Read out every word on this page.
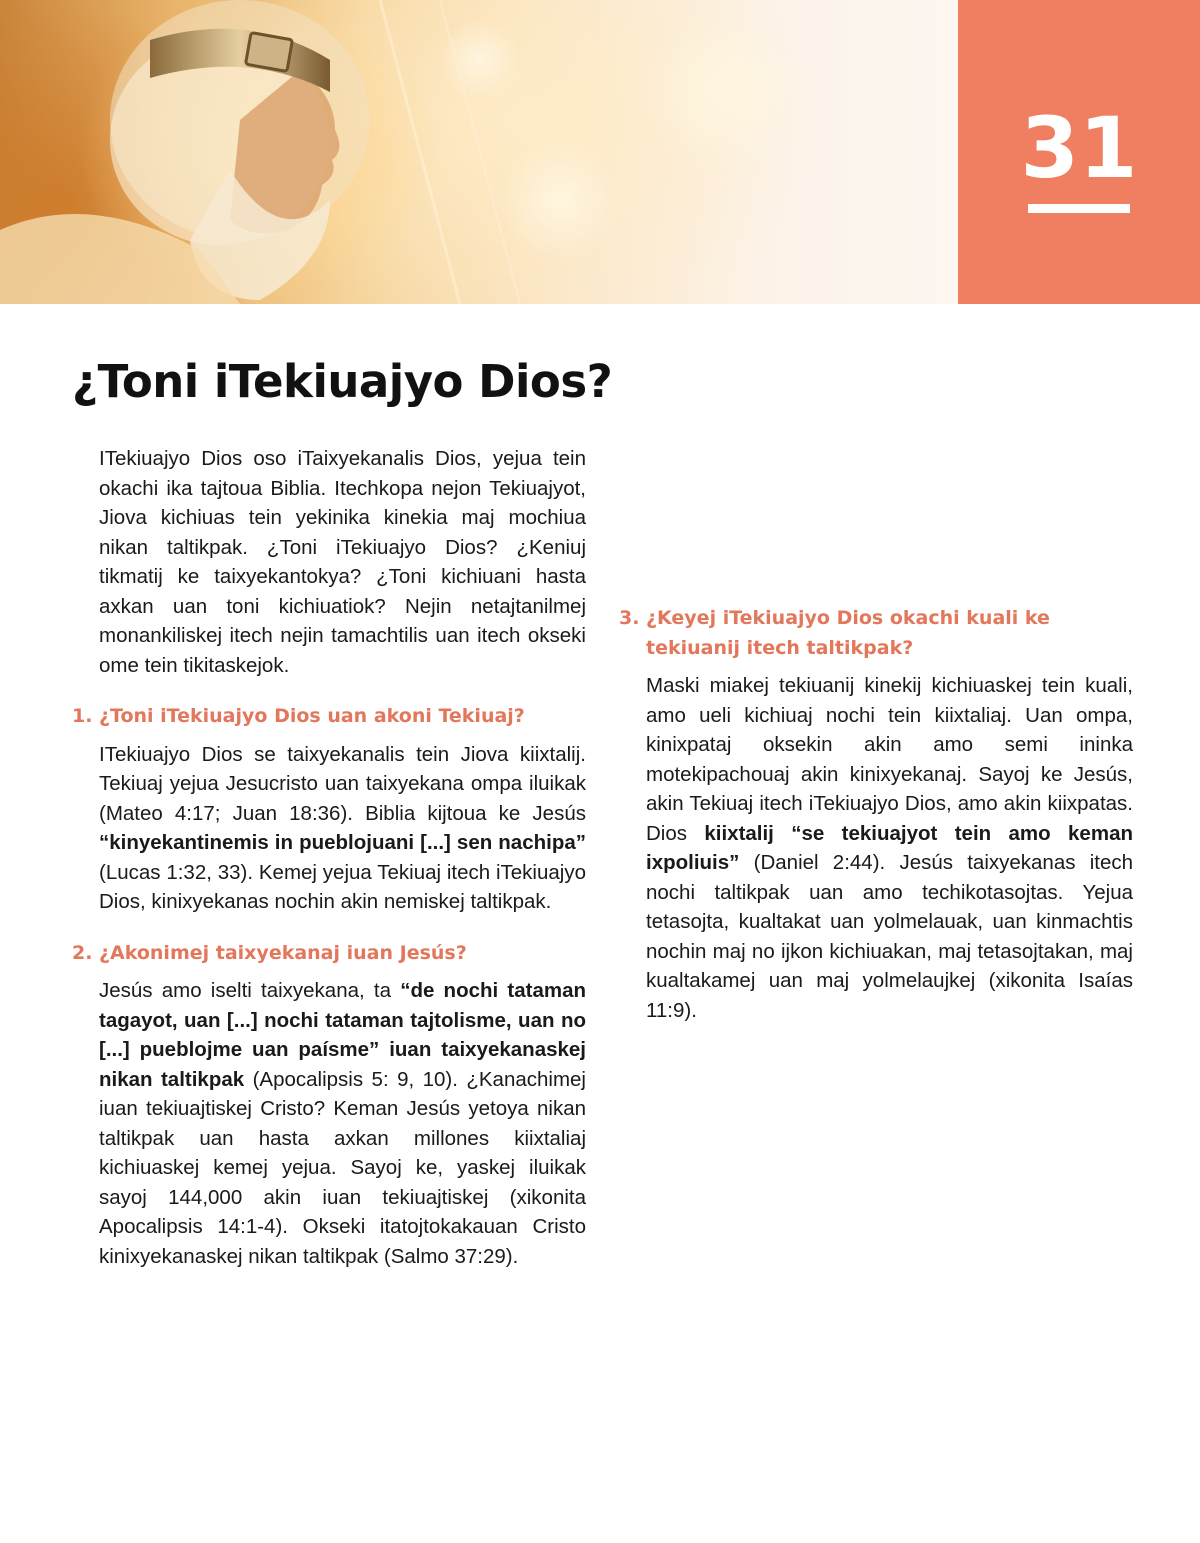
31
¿Toni iTekiuajyo Dios?

ITekiuajyo Dios oso iTaixyekanalis Dios, yejua tein okachi ika tajtoua Biblia. Itechkopa nejon Tekiuajyot, Jiova kichiuas tein yekinika kinekia maj mochiua nikan taltikpak. ¿Toni iTekiuajyo Dios? ¿Keniuj tikmatij ke taixyekantokya? ¿Toni kichiuani hasta axkan uan toni kichiuatiok? Nejin netajtanilmej monankiliskej itech nejin tamachtilis uan itech okseki ome tein tikitaskejok.

1. ¿Toni iTekiuajyo Dios uan akoni Tekiuaj?

ITekiuajyo Dios se taixyekanalis tein Jiova kiixtalij. Tekiuaj yejua Jesucristo uan taixyekana ompa iluikak (Mateo 4:17; Juan 18:36). Biblia kijtoua ke Jesús “kinyekantinemis in pueblojuani [...] sen nachipa” (Lucas 1:32, 33). Kemej yejua Tekiuaj itech iTekiuajyo Dios, kinixyekanas nochin akin nemiskej taltikpak.

2. ¿Akonimej taixyekanaj iuan Jesús?

Jesús amo iselti taixyekana, ta “de nochi tataman tagayot, uan [...] nochi tataman tajtolisme, uan no [...] pueblojme uan paísme” iuan taixyekanaskej nikan taltikpak (Apocalipsis 5: 9, 10). ¿Kanachimej iuan tekiuajtiskej Cristo? Keman Jesús yetoya nikan taltikpak uan hasta axkan millones kiixtaliaj kichiuaskej kemej yejua. Sayoj ke, yaskej iluikak sayoj 144,000 akin iuan tekiuajtiskej (xikonita Apocalipsis 14:1-4). Okseki itatojtokakauan Cristo kinixyekanaskej nikan taltikpak (Salmo 37:29).

3. ¿Keyej iTekiuajyo Dios okachi kuali ke tekiuanij itech taltikpak?

Maski miakej tekiuanij kinekij kichiuaskej tein kuali, amo ueli kichiuaj nochi tein kiixtaliaj. Uan ompa, kinixpataj oksekin akin amo semi ininka motekipachouaj akin kinixyekanaj. Sayoj ke Jesús, akin Tekiuaj itech iTekiuajyo Dios, amo akin kiixpatas. Dios kiixtalij “se tekiuajyot tein amo keman ixpoliuis” (Daniel 2:44). Jesús taixyekanas itech nochi taltikpak uan amo techikotasojtas. Yejua tetasojta, kualtakat uan yolmelauak, uan kinmachtis nochin maj no ijkon kichiuakan, maj tetasojtakan, maj kualtakamej uan maj yolmelaujkej (xikonita Isaías 11:9).
